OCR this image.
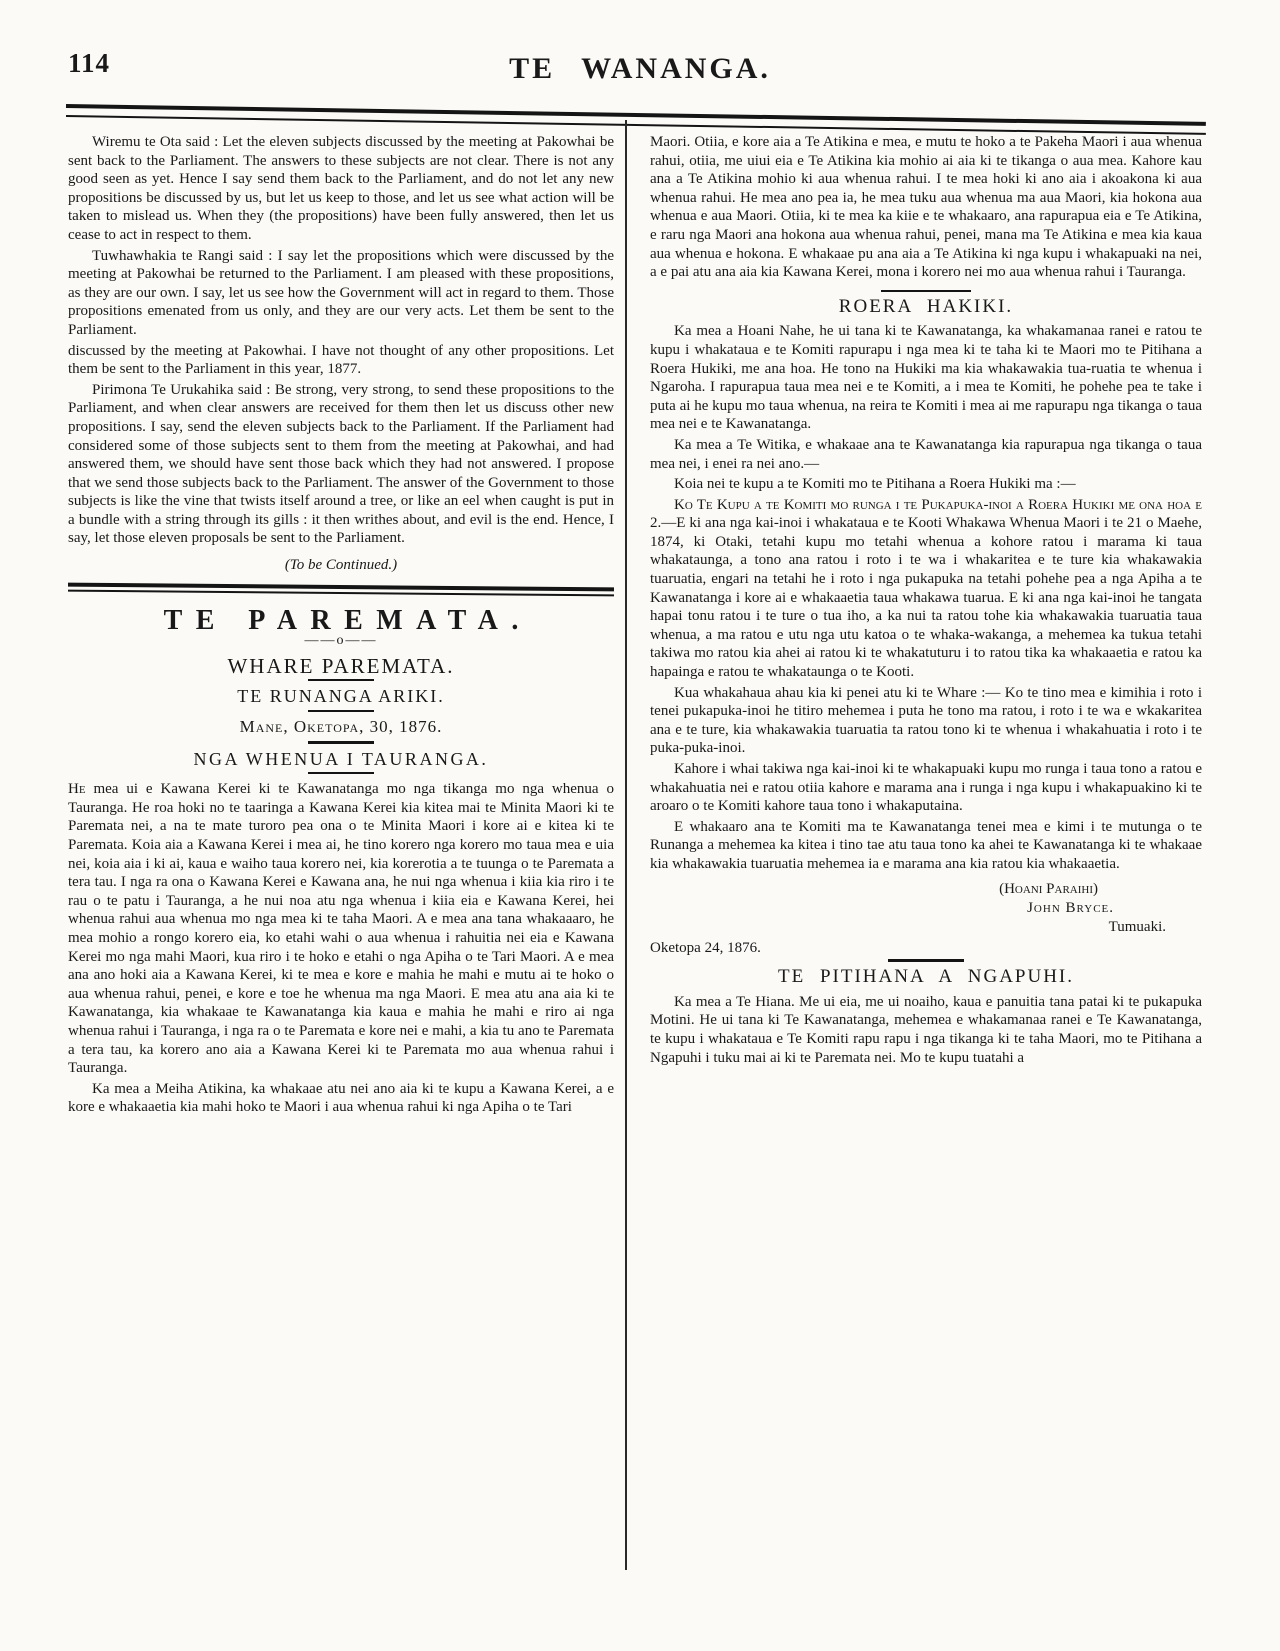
114	TE WANANGA.

Wiremu te Ota said : Let the eleven subjects discussed by the meeting at Pakowhai be sent back to the Parliament. The answers to these subjects are not clear. There is not any good seen as yet. Hence I say send them back to the Parliament, and do not let any new propositions be discussed by us, but let us keep to those, and let us see what action will be taken to mislead us. When they (the propositions) have been fully answered, then let us cease to act in respect to them.

Tuwhawhakia te Rangi said : I say let the propositions which were discussed by the meeting at Pakowhai be returned to the Parliament. I am pleased with these propositions, as they are our own. I say, let us see how the Government will act in regard to them. Those propositions emenated from us only, and they are our very acts. Let them be sent to the Parliament.

discussed by the meeting at Pakowhai. I have not thought of any other propositions. Let them be sent to the Parliament in this year, 1877.

Pirimona Te Urukahika said : Be strong, very strong, to send these propositions to the Parliament, and when clear answers are received for them then let us discuss other new propositions. I say, send the eleven subjects back to the Parliament. If the Parliament had considered some of those subjects sent to them from the meeting at Pakowhai, and had answered them, we should have sent those back which they had not answered. I propose that we send those subjects back to the Parliament. The answer of the Government to those subjects is like the vine that twists itself around a tree, or like an eel when caught is put in a bundle with a string through its gills : it then writhes about, and evil is the end. Hence, I say, let those eleven proposals be sent to the Parliament.

(To be Continued.)
TE PAREMATA.
——o——
WHARE PAREMATA.
TE RUNANGA ARIKI.
Mane, Oketopa, 30, 1876.
NGA WHENUA I TAURANGA.

He mea ui e Kawana Kerei ki te Kawanatanga mo nga tikanga mo nga whenua o Tauranga. He roa hoki no te taaringa a Kawana Kerei kia kitea mai te Minita Maori ki te Paremata nei, a na te mate turoro pea ona o te Minita Maori i kore ai e kitea ki te Paremata. Koia aia a Kawana Kerei i mea ai, he tino korero nga korero mo taua mea e uia nei, koia aia i ki ai, kaua e waiho taua korero nei, kia korerotia a te tuunga o te Paremata a tera tau. I nga ra ona o Kawana Kerei e Kawana ana, he nui nga whenua i kiia kia riro i te rau o te patu i Tauranga, a he nui noa atu nga whenua i kiia eia e Kawana Kerei, hei whenua rahui aua whenua mo nga mea ki te taha Maori. A e mea ana tana whakaaaro, he mea mohio a rongo korero eia, ko etahi wahi o aua whenua i rahuitia nei eia e Kawana Kerei mo nga mahi Maori, kua riro i te hoko e etahi o nga Apiha o te Tari Maori. A e mea ana ano hoki aia a Kawana Kerei, ki te mea e kore e mahia he mahi e mutu ai te hoko o aua whenua rahui, penei, e kore e toe he whenua ma nga Maori. E mea atu ana aia ki te Kawanatanga, kia whakaae te Kawanatanga kia kaua e mahia he mahi e riro ai nga whenua rahui i Tauranga, i nga ra o te Paremata e kore nei e mahi, a kia tu ano te Paremata a tera tau, ka korero ano aia a Kawana Kerei ki te Paremata mo aua whenua rahui i Tauranga.

Ka mea a Meiha Atikina, ka whakaae atu nei ano aia ki te kupu a Kawana Kerei, a e kore e whakaaetia kia mahi hoko te Maori i aua whenua rahui ki nga Apiha o te Tari

Maori. Otiia, e kore aia a Te Atikina e mea, e mutu te hoko a te Pakeha Maori i aua whenua rahui, otiia, me uiui eia e Te Atikina kia mohio ai aia ki te tikanga o aua mea. Kahore kau ana a Te Atikina mohio ki aua whenua rahui. I te mea hoki ki ano aia i akoakona ki aua whenua rahui. He mea ano pea ia, he mea tuku aua whenua ma aua Maori, kia hokona aua whenua e aua Maori. Otiia, ki te mea ka kiie e te whakaaro, ana rapurapua eia e Te Atikina, e raru nga Maori ana hokona aua whenua rahui, penei, mana ma Te Atikina e mea kia kaua aua whenua e hokona. E whakaae pu ana aia a Te Atikina ki nga kupu i whakapuaki na nei, a e pai atu ana aia kia Kawana Kerei, mona i korero nei mo aua whenua rahui i Tauranga.

ROERA HAKIKI.

Ka mea a Hoani Nahe, he ui tana ki te Kawanatanga, ka whakamanaa ranei e ratou te kupu i whakataua e te Komiti rapurapu i nga mea ki te taha ki te Maori mo te Pitihana a Roera Hukiki, me ana hoa. He tono na Hukiki ma kia whakawakia tua-ruatia te whenua i Ngaroha. I rapurapua taua mea nei e te Komiti, a i mea te Komiti, he pohehe pea te take i puta ai he kupu mo taua whenua, na reira te Komiti i mea ai me rapurapu nga tikanga o taua mea nei e te Kawanatanga.

Ka mea a Te Witika, e whakaae ana te Kawanatanga kia rapurapua nga tikanga o taua mea nei, i enei ra nei ano.—

Koia nei te kupu a te Komiti mo te Pitihana a Roera Hukiki ma :—

Ko Te Kupu a te Komiti mo runga i te Pukapuka-inoi a Roera Hukiki me ona hoa e 2.—E ki ana nga kai-inoi i whakataua e te Kooti Whakawa Whenua Maori i te 21 o Maehe, 1874, ki Otaki, tetahi kupu mo tetahi whenua a kohore ratou i marama ki taua whakataunga, a tono ana ratou i roto i te wa i whakaritea e te ture kia whakawakia tuaruatia, engari na tetahi he i roto i nga pukapuka na tetahi pohehe pea a nga Apiha a te Kawanatanga i kore ai e whakaaetia taua whakawa tuarua. E ki ana nga kai-inoi he tangata hapai tonu ratou i te ture o tua iho, a ka nui ta ratou tohe kia whakawakia tuaruatia taua whenua, a ma ratou e utu nga utu katoa o te whaka-wakanga, a mehemea ka tukua tetahi takiwa mo ratou kia ahei ai ratou ki te whakatuturu i to ratou tika ka whakaaetia e ratou ka hapainga e ratou te whakataunga o te Kooti.

Kua whakahaua ahau kia ki penei atu ki te Whare :— Ko te tino mea e kimihia i roto i tenei pukapuka-inoi he titiro mehemea i puta he tono ma ratou, i roto i te wa e wkakaritea ana e te ture, kia whakawakia tuaruatia ta ratou tono ki te whenua i whakahuatia i roto i te puka-puka-inoi.

Kahore i whai takiwa nga kai-inoi ki te whakapuaki kupu mo runga i taua tono a ratou e whakahuatia nei e ratou otiia kahore e marama ana i runga i nga kupu i whakapuakino ki te aroaro o te Komiti kahore taua tono i whakaputaina.

E whakaaro ana te Komiti ma te Kawanatanga tenei mea e kimi i te mutunga o te Runanga a mehemea ka kitea i tino tae atu taua tono ka ahei te Kawanatanga ki te whakaae kia whakawakia tuaruatia mehemea ia e marama ana kia ratou kia whakaaetia.

(Hoani Paraihi)
John Bryce.
Tumuaki.

Oketopa 24, 1876.

TE PITIHANA A NGAPUHI.

Ka mea a Te Hiana. Me ui eia, me ui noaiho, kaua e panuitia tana patai ki te pukapuka Motini. He ui tana ki Te Kawanatanga, mehemea e whakamanaa ranei e Te Kawanatanga, te kupu i whakataua e Te Komiti rapu rapu i nga tikanga ki te taha Maori, mo te Pitihana a Ngapuhi i tuku mai ai ki te Paremata nei. Mo te kupu tuatahi a
